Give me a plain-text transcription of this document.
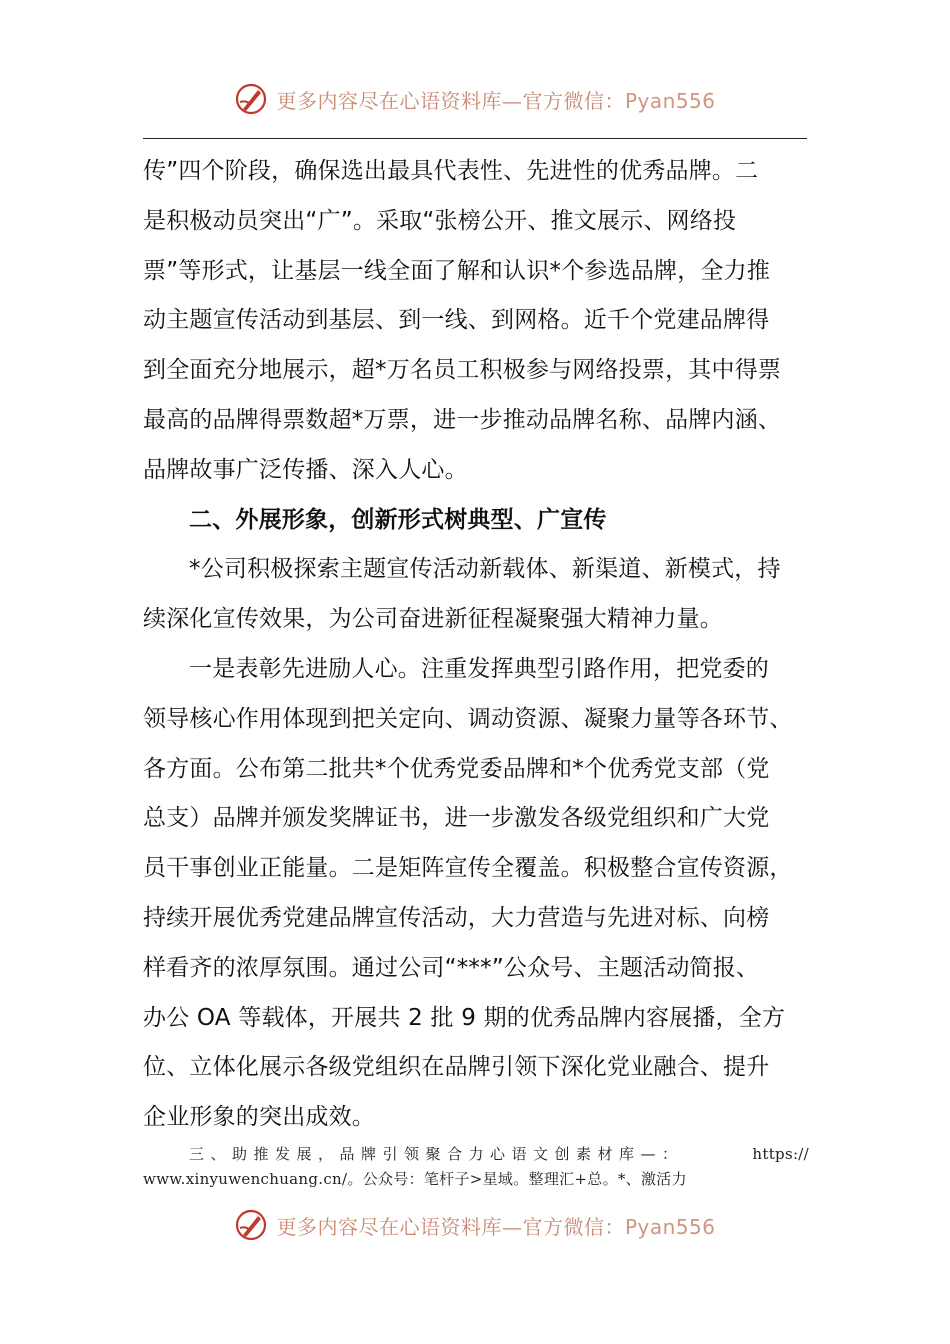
更多内容尽在心语资料库—官方微信：Pyan556
传”四个阶段，确保选出最具代表性、先进性的优秀品牌。二
是积极动员突出“广”。采取“张榜公开、推文展示、网络投
票”等形式，让基层一线全面了解和认识*个参选品牌，全力推
动主题宣传活动到基层、到一线、到网格。近千个党建品牌得
到全面充分地展示，超*万名员工积极参与网络投票，其中得票
最高的品牌得票数超*万票，进一步推动品牌名称、品牌内涵、
品牌故事广泛传播、深入人心。
二、外展形象，创新形式树典型、广宣传
*公司积极探索主题宣传活动新载体、新渠道、新模式，持
续深化宣传效果，为公司奋进新征程凝聚强大精神力量。
一是表彰先进励人心。注重发挥典型引路作用，把党委的
领导核心作用体现到把关定向、调动资源、凝聚力量等各环节、
各方面。公布第二批共*个优秀党委品牌和*个优秀党支部（党
总支）品牌并颁发奖牌证书，进一步激发各级党组织和广大党
员干事创业正能量。二是矩阵宣传全覆盖。积极整合宣传资源，
持续开展优秀党建品牌宣传活动，大力营造与先进对标、向榜
样看齐的浓厚氛围。通过公司“***”公众号、主题活动简报、
办公 OA 等载体，开展共 2 批 9 期的优秀品牌内容展播，全方
位、立体化展示各级党组织在品牌引领下深化党业融合、提升
企业形象的突出成效。
三、助推发展，品牌引领聚合力心语文创素材库—：	https://
www.xinyuwenchuang.cn/。公众号：笔杆子>星域。整理汇+总。*、激活力
更多内容尽在心语资料库—官方微信：Pyan556
